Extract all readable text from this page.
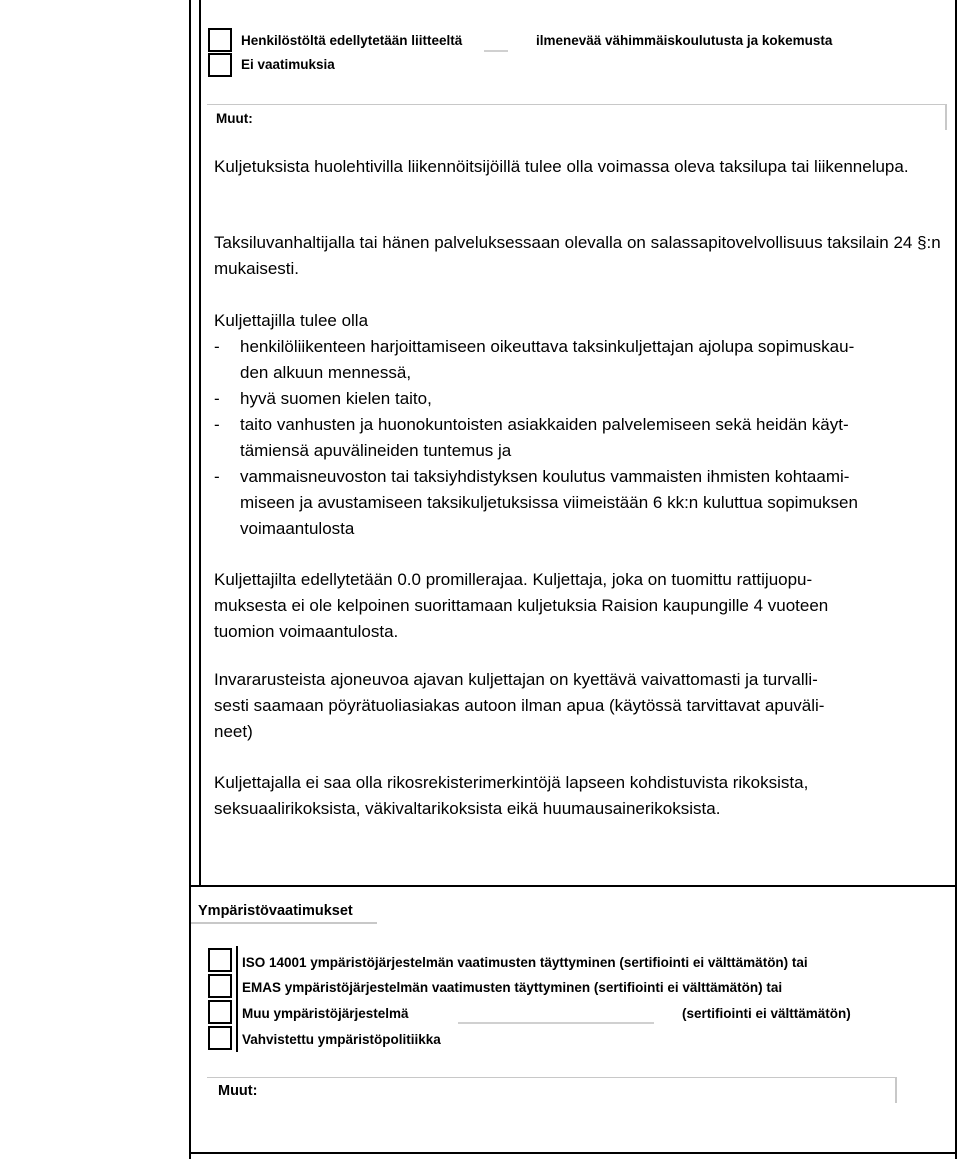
Henkilöstöltä edellytetään liitteeltä	ilmenevää vähimmäiskoulutusta ja kokemusta
Ei vaatimuksia
Muut:

Kuljetuksista huolehtivilla liikennöitsijöillä tulee olla voimassa oleva taksilupa tai liikennelupa.

Taksiluvanhaltijalla tai hänen palveluksessaan olevalla on salassapitovelvollisuus taksilain 24 §:n mukaisesti.

Kuljettajilla tulee olla
- henkilöliikenteen harjoittamiseen oikeuttava taksinkuljettajan ajolupa sopimuskau-
den alkuun mennessä,
- hyvä suomen kielen taito,
- taito vanhusten ja huonokuntoisten asiakkaiden palvelemiseen sekä heidän käyt-
tämiensä apuvälineiden tuntemus ja
- vammaisneuvoston tai taksiyhdistyksen koulutus vammaisten ihmisten kohtaami-
miseen ja avustamiseen taksikuljetuksissa viimeistään 6 kk:n kuluttua sopimuksen
voimaantulosta
Kuljettajilta edellytetään 0.0 promillerajaa. Kuljettaja, joka on tuomittu rattijuopu-
muksesta ei ole kelpoinen suorittamaan kuljetuksia Raision kaupungille 4 vuoteen
tuomion voimaantulosta.
Invararusteista ajoneuvoa ajavan kuljettajan on kyettävä vaivattomasti ja turvalli-
sesti saamaan pöyrätuoliasiakas autoon ilman apua (käytössä tarvittavat apuväli-
neet)
Kuljettajalla ei saa olla rikosrekisterimerkintöjä lapseen kohdistuvista rikoksista,
seksuaalirikoksista, väkivaltarikoksista eikä huumausainerikoksista.
Ympäristövaatimukset
ISO 14001 ympäristöjärjestelmän vaatimusten täyttyminen (sertifiointi ei välttämätön) tai
EMAS ympäristöjärjestelmän vaatimusten täyttyminen (sertifiointi ei välttämätön) tai
Muu ympäristöjärjestelmä	(sertifiointi ei välttämätön)
Vahvistettu ympäristöpolitiikka
Muut:
